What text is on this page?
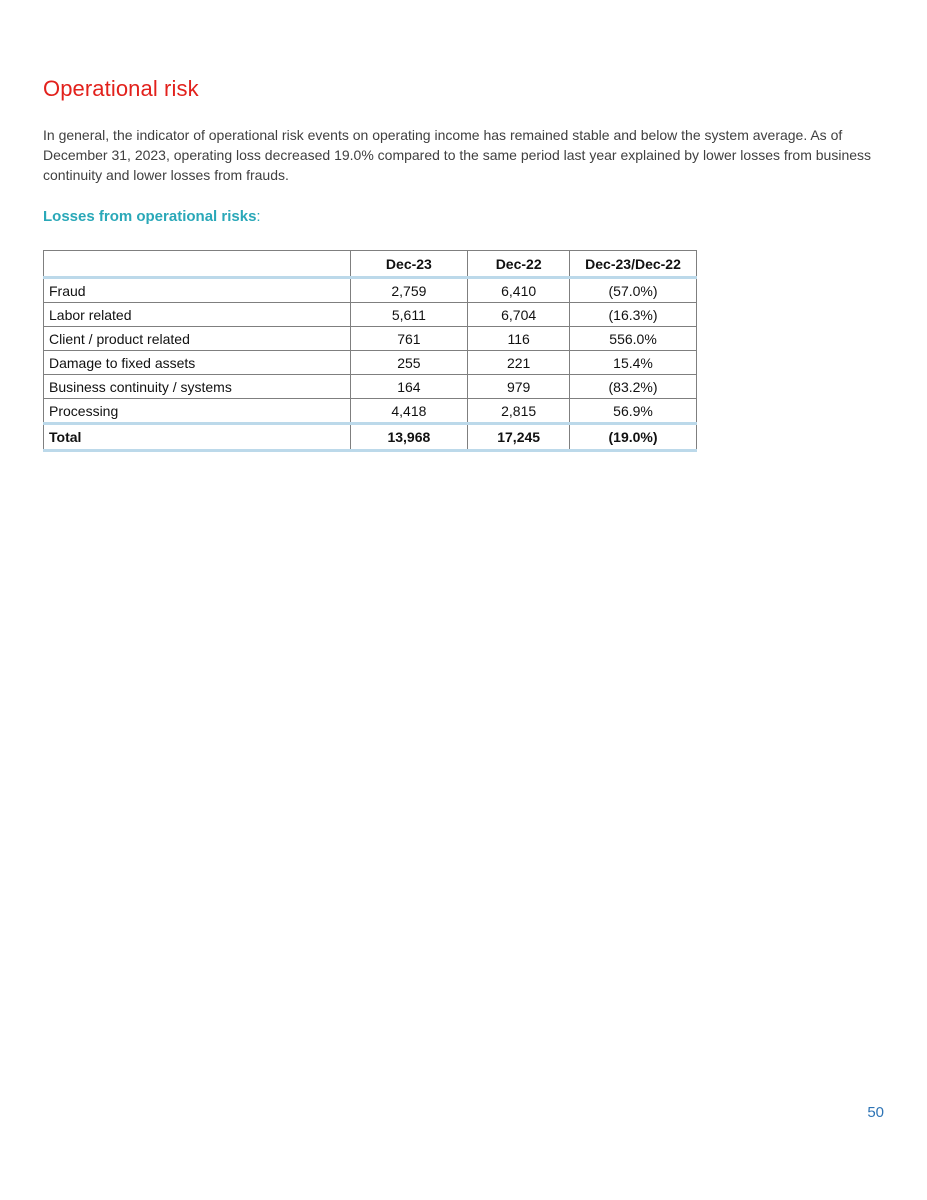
Operational risk

In general, the indicator of operational risk events on operating income has remained stable and below the system average. As of December 31, 2023, operating loss decreased 19.0% compared to the same period last year explained by lower losses from business continuity and lower losses from frauds.

Losses from operational risks:
	Dec-23	Dec-22	Dec-23/Dec-22
Fraud	2,759	6,410	(57.0%)
Labor related	5,611	6,704	(16.3%)
Client / product related	761	116	556.0%
Damage to fixed assets	255	221	15.4%
Business continuity / systems	164	979	(83.2%)
Processing	4,418	2,815	56.9%
Total	13,968	17,245	(19.0%)
50
